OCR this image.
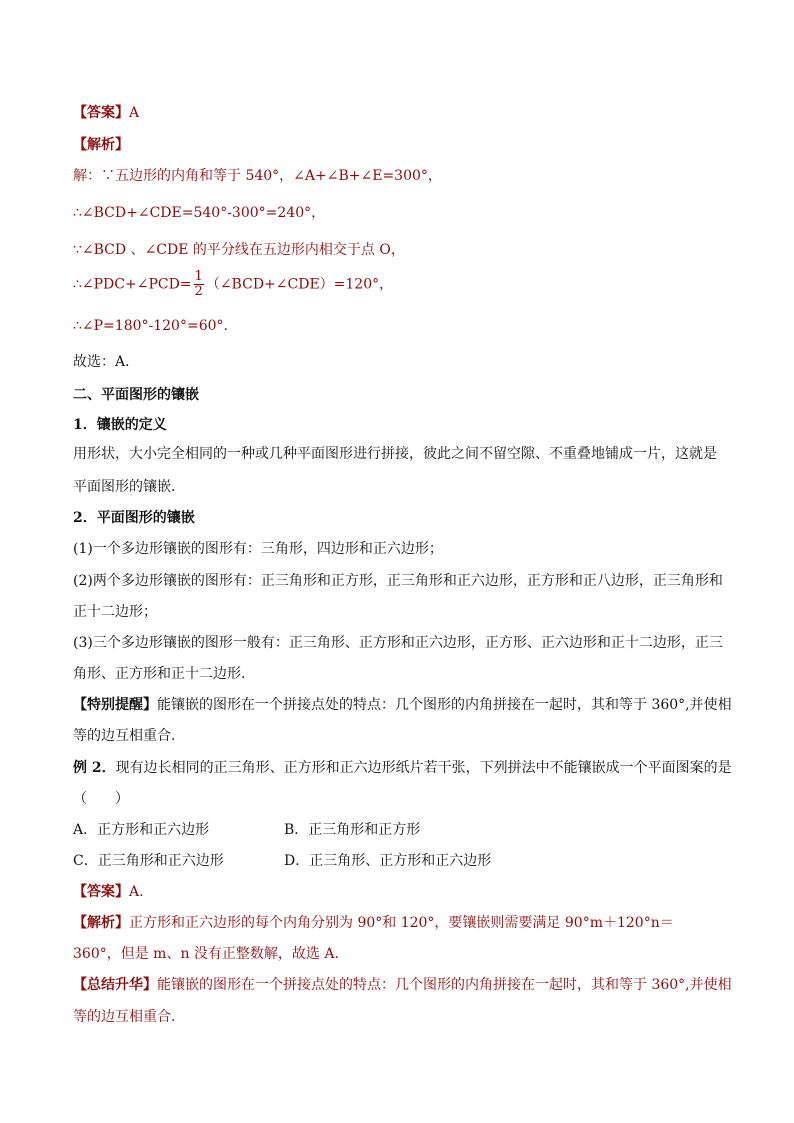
【答案】A
【解析】
解：∵五边形的内角和等于 540°，∠A+∠B+∠E=300°，
∴∠BCD+∠CDE=540°-300°=240°，
∵∠BCD 、∠CDE 的平分线在五边形内相交于点 O，
∴∠PDC+∠PCD= $\frac{1}{2}$ （∠BCD+∠CDE）=120°，
∴∠P=180°-120°=60°.
故选：A．
二、平面图形的镶嵌
1．镶嵌的定义
用形状，大小完全相同的一种或几种平面图形进行拼接，彼此之间不留空隙、不重叠地铺成一片，这就是
平面图形的镶嵌．
2．平面图形的镶嵌
(1)一个多边形镶嵌的图形有：三角形，四边形和正六边形；
(2)两个多边形镶嵌的图形有：正三角形和正方形，正三角形和正六边形，正方形和正八边形，正三角形和
正十二边形；
(3)三个多边形镶嵌的图形一般有：正三角形、正方形和正六边形，正方形、正六边形和正十二边形，正三
角形、正方形和正十二边形.
【特别提醒】能镶嵌的图形在一个拼接点处的特点：几个图形的内角拼接在一起时，其和等于 360°,并使相
等的边互相重合.
例 2．现有边长相同的正三角形、正方形和正六边形纸片若干张，下列拼法中不能镶嵌成一个平面图案的是
（　　）
A．正方形和正六边形	B．正三角形和正方形
C．正三角形和正六边形	D．正三角形、正方形和正六边形
【答案】A.
【解析】正方形和正六边形的每个内角分别为 90°和 120°，要镶嵌则需要满足 90°m＋120°n＝
360°，但是 m、n 没有正整数解，故选 A.
【总结升华】能镶嵌的图形在一个拼接点处的特点：几个图形的内角拼接在一起时，其和等于 360°,并使相
等的边互相重合.
